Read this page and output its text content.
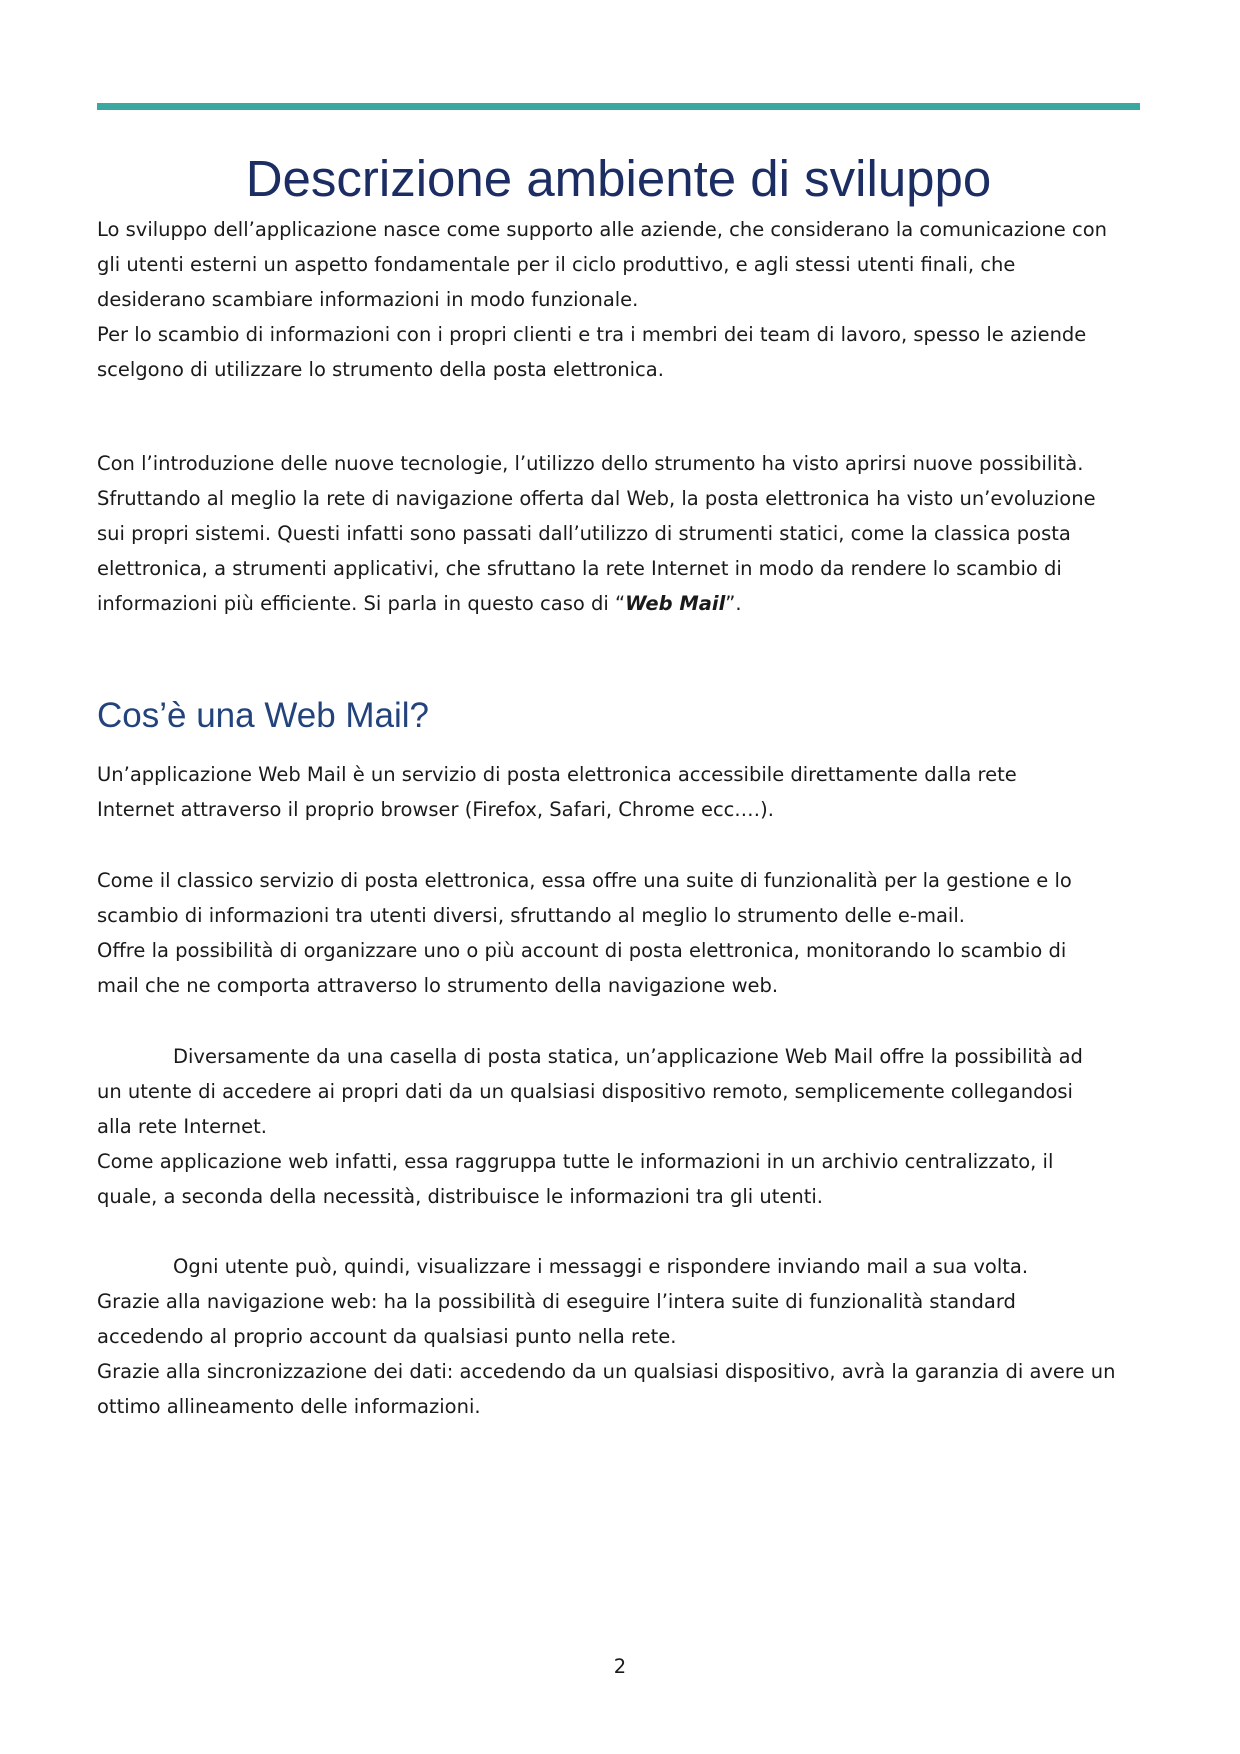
Descrizione ambiente di sviluppo

Lo sviluppo dell’applicazione nasce come supporto alle aziende, che considerano la comunicazione con

gli utenti esterni un aspetto fondamentale per il ciclo produttivo, e agli stessi utenti finali, che

desiderano scambiare informazioni in modo funzionale.

Per lo scambio di informazioni con i propri clienti e tra i membri dei team di lavoro, spesso le aziende

scelgono di utilizzare lo strumento della posta elettronica.

Con l’introduzione delle nuove tecnologie, l’utilizzo dello strumento ha visto aprirsi nuove possibilità.

Sfruttando al meglio la rete di navigazione offerta dal Web, la posta elettronica ha visto un’evoluzione

sui propri sistemi. Questi infatti sono passati dall’utilizzo di strumenti statici, come la classica posta

elettronica, a strumenti applicativi, che sfruttano la rete Internet in modo da rendere lo scambio di

informazioni più efficiente. Si parla in questo caso di “Web Mail”.

Cos’è una Web Mail?

Un’applicazione Web Mail è un servizio di posta elettronica accessibile direttamente dalla rete

Internet attraverso il proprio browser (Firefox, Safari, Chrome ecc.…).

Come il classico servizio di posta elettronica, essa offre una suite di funzionalità per la gestione e lo

scambio di informazioni tra utenti diversi, sfruttando al meglio lo strumento delle e-mail.

Offre la possibilità di organizzare uno o più account di posta elettronica, monitorando lo scambio di

mail che ne comporta attraverso lo strumento della navigazione web.

Diversamente da una casella di posta statica, un’applicazione Web Mail offre la possibilità ad

un utente di accedere ai propri dati da un qualsiasi dispositivo remoto, semplicemente collegandosi

alla rete Internet.

Come applicazione web infatti, essa raggruppa tutte le informazioni in un archivio centralizzato, il

quale, a seconda della necessità, distribuisce le informazioni tra gli utenti.

Ogni utente può, quindi, visualizzare i messaggi e rispondere inviando mail a sua volta.

Grazie alla navigazione web: ha la possibilità di eseguire l’intera suite di funzionalità standard

accedendo al proprio account da qualsiasi punto nella rete.

Grazie alla sincronizzazione dei dati: accedendo da un qualsiasi dispositivo, avrà la garanzia di avere un

ottimo allineamento delle informazioni.

2
